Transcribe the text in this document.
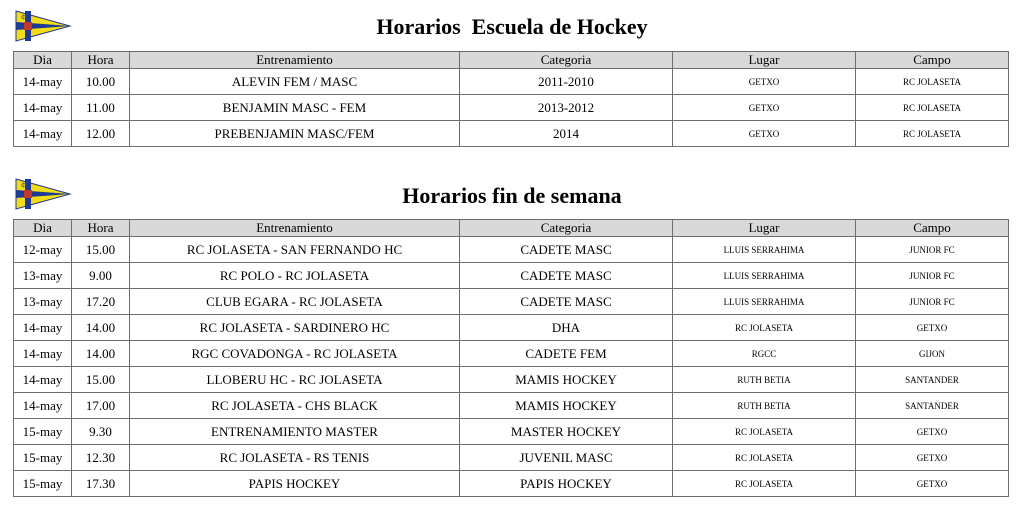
¢	Horarios  Escuela de Hockey
Dia	Hora	Entrenamiento	Categoria	Lugar	Campo
14-may	10.00	ALEVIN FEM / MASC	2011-2010	GETXO	RC JOLASETA
14-may	11.00	BENJAMIN MASC - FEM	2013-2012	GETXO	RC JOLASETA
14-may	12.00	PREBENJAMIN MASC/FEM	2014	GETXO	RC JOLASETA
¢	Horarios fin de semana
Dia	Hora	Entrenamiento	Categoria	Lugar	Campo
12-may	15.00	RC JOLASETA - SAN FERNANDO HC	CADETE MASC	LLUIS SERRAHIMA	JUNIOR FC
13-may	9.00	RC POLO - RC JOLASETA	CADETE MASC	LLUIS SERRAHIMA	JUNIOR FC
13-may	17.20	CLUB EGARA - RC JOLASETA	CADETE MASC	LLUIS SERRAHIMA	JUNIOR FC
14-may	14.00	RC JOLASETA - SARDINERO HC	DHA	RC JOLASETA	GETXO
14-may	14.00	RGC COVADONGA - RC JOLASETA	CADETE FEM	RGCC	GIJON
14-may	15.00	LLOBERU HC - RC JOLASETA	MAMIS HOCKEY	RUTH BETIA	SANTANDER
14-may	17.00	RC JOLASETA - CHS BLACK	MAMIS HOCKEY	RUTH BETIA	SANTANDER
15-may	9.30	ENTRENAMIENTO MASTER	MASTER HOCKEY	RC JOLASETA	GETXO
15-may	12.30	RC JOLASETA - RS TENIS	JUVENIL MASC	RC JOLASETA	GETXO
15-may	17.30	PAPIS HOCKEY	PAPIS HOCKEY	RC JOLASETA	GETXO
